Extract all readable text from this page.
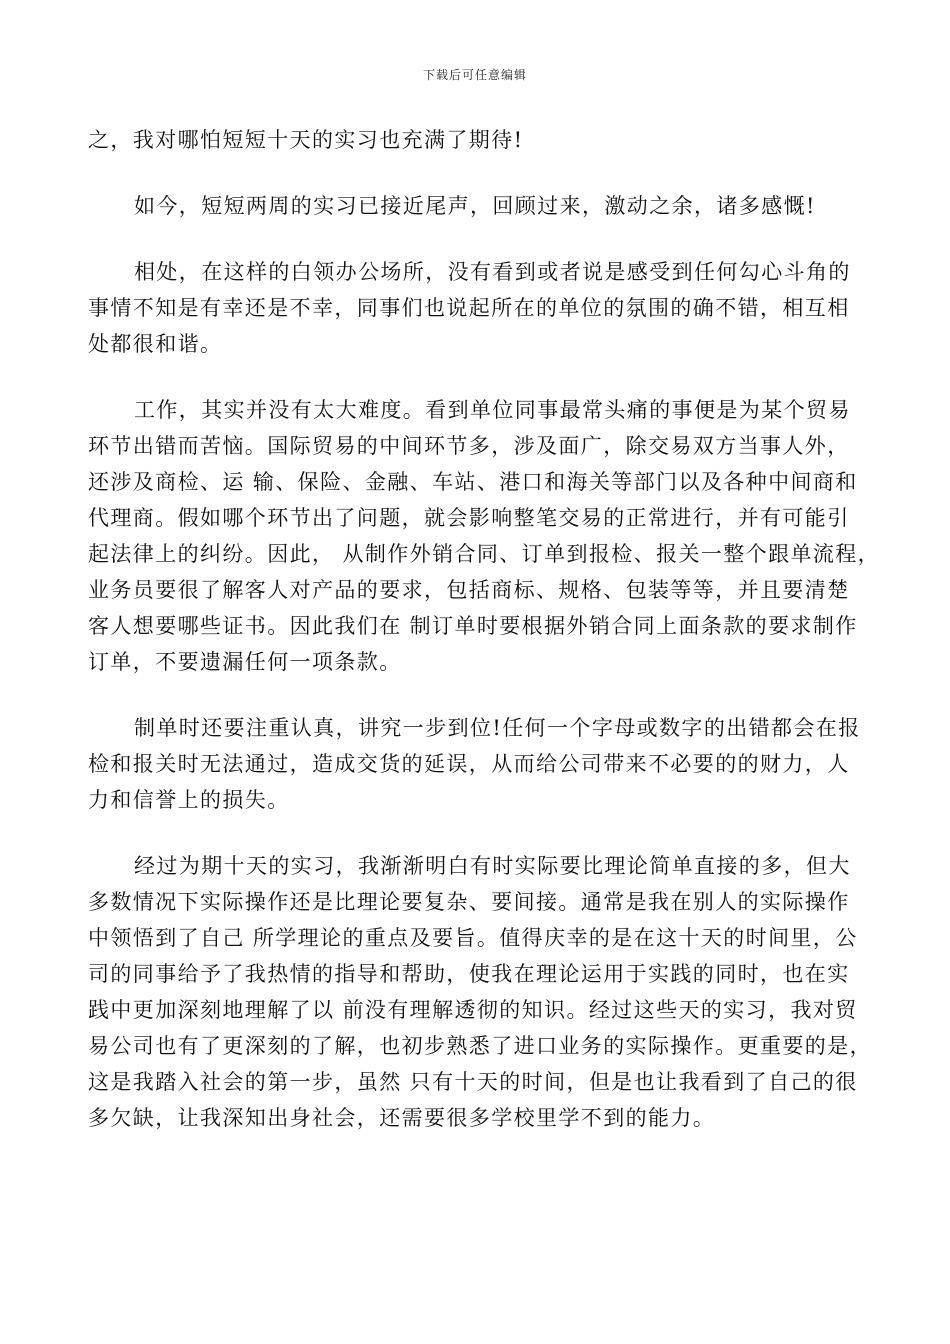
下载后可任意编辑

之，我对哪怕短短十天的实习也充满了期待!

如今，短短两周的实习已接近尾声，回顾过来，激动之余，诸多感慨!

相处，在这样的白领办公场所，没有看到或者说是感受到任何勾心斗角的
事情不知是有幸还是不幸，同事们也说起所在的单位的氛围的确不错，相互相
处都很和谐。

工作，其实并没有太大难度。看到单位同事最常头痛的事便是为某个贸易
环节出错而苦恼。国际贸易的中间环节多，涉及面广，除交易双方当事人外，
还涉及商检、运 输、保险、金融、车站、港口和海关等部门以及各种中间商和
代理商。假如哪个环节出了问题，就会影响整笔交易的正常进行，并有可能引
起法律上的纠纷。因此， 从制作外销合同、订单到报检、报关一整个跟单流程，
业务员要很了解客人对产品的要求，包括商标、规格、包装等等，并且要清楚
客人想要哪些证书。因此我们在 制订单时要根据外销合同上面条款的要求制作
订单，不要遗漏任何一项条款。

制单时还要注重认真，讲究一步到位!任何一个字母或数字的出错都会在报
检和报关时无法通过，造成交货的延误，从而给公司带来不必要的的财力，人
力和信誉上的损失。

经过为期十天的实习，我渐渐明白有时实际要比理论简单直接的多，但大
多数情况下实际操作还是比理论要复杂、要间接。通常是我在别人的实际操作
中领悟到了自己 所学理论的重点及要旨。值得庆幸的是在这十天的时间里，公
司的同事给予了我热情的指导和帮助，使我在理论运用于实践的同时，也在实
践中更加深刻地理解了以 前没有理解透彻的知识。经过这些天的实习，我对贸
易公司也有了更深刻的了解，也初步熟悉了进口业务的实际操作。更重要的是，
这是我踏入社会的第一步，虽然 只有十天的时间，但是也让我看到了自己的很
多欠缺，让我深知出身社会，还需要很多学校里学不到的能力。
